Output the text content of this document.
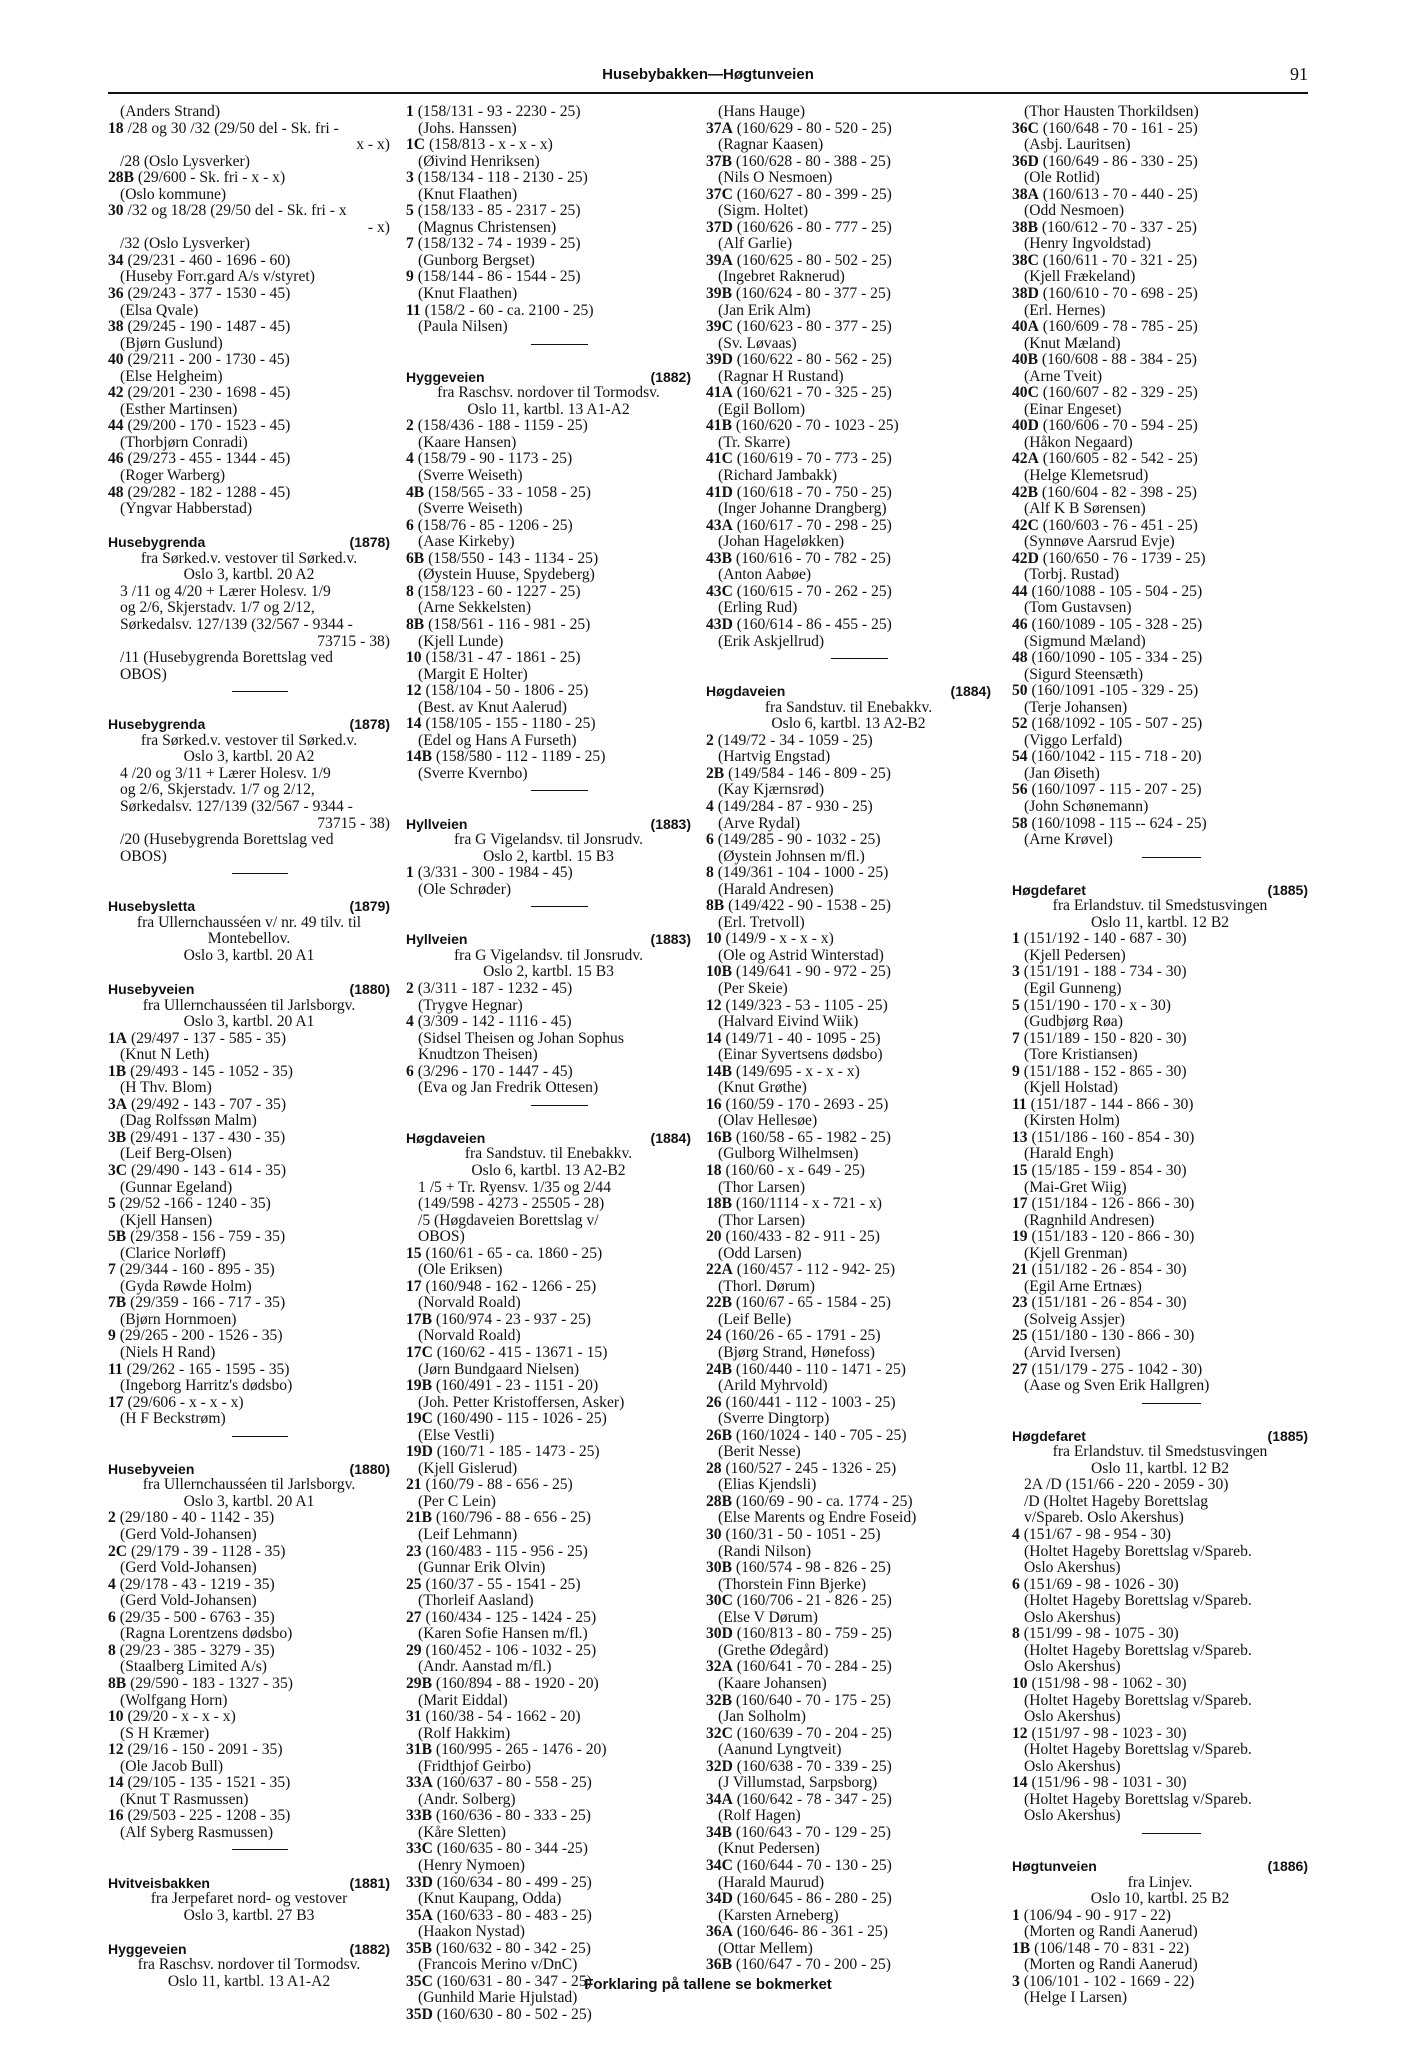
Husebybakken—Høgtunveien	91
(Anders Strand)
18 /28 og 30 /32 (29/50 del - Sk. fri -
x - x)
/28 (Oslo Lysverker)
28B (29/600 - Sk. fri - x - x)
(Oslo kommune)
30 /32 og 18/28 (29/50 del - Sk. fri - x
- x)
/32 (Oslo Lysverker)
34 (29/231 - 460 - 1696 - 60)
(Huseby Forr.gard A/s v/styret)
36 (29/243 - 377 - 1530 - 45)
(Elsa Qvale)
38 (29/245 - 190 - 1487 - 45)
(Bjørn Guslund)
40 (29/211 - 200 - 1730 - 45)
(Else Helgheim)
42 (29/201 - 230 - 1698 - 45)
(Esther Martinsen)
44 (29/200 - 170 - 1523 - 45)
(Thorbjørn Conradi)
46 (29/273 - 455 - 1344 - 45)
(Roger Warberg)
48 (29/282 - 182 - 1288 - 45)
(Yngvar Habberstad)
Husebygrenda	(1878)
fra Sørked.v. vestover til Sørked.v.
Oslo 3, kartbl. 20 A2
3 /11 og 4/20 + Lærer Holesv. 1/9
og 2/6, Skjerstadv. 1/7 og 2/12,
Sørkedalsv. 127/139 (32/567 - 9344 -
73715 - 38)
/11 (Husebygrenda Borettslag ved
OBOS)
Husebygrenda	(1878)
fra Sørked.v. vestover til Sørked.v.
Oslo 3, kartbl. 20 A2
4 /20 og 3/11 + Lærer Holesv. 1/9
og 2/6, Skjerstadv. 1/7 og 2/12,
Sørkedalsv. 127/139 (32/567 - 9344 -
73715 - 38)
/20 (Husebygrenda Borettslag ved
OBOS)
Husebysletta	(1879)
fra Ullernchausséen v/ nr. 49 tilv. til
Montebellov.
Oslo 3, kartbl. 20 A1
Husebyveien	(1880)
fra Ullernchausséen til Jarlsborgv.
Oslo 3, kartbl. 20 A1
1A (29/497 - 137 - 585 - 35)
(Knut N Leth)
1B (29/493 - 145 - 1052 - 35)
(H Thv. Blom)
3A (29/492 - 143 - 707 - 35)
(Dag Rolfssøn Malm)
3B (29/491 - 137 - 430 - 35)
(Leif Berg-Olsen)
3C (29/490 - 143 - 614 - 35)
(Gunnar Egeland)
5 (29/52 -166 - 1240 - 35)
(Kjell Hansen)
5B (29/358 - 156 - 759 - 35)
(Clarice Norløff)
7 (29/344 - 160 - 895 - 35)
(Gyda Røwde Holm)
7B (29/359 - 166 - 717 - 35)
(Bjørn Hornmoen)
9 (29/265 - 200 - 1526 - 35)
(Niels H Rand)
11 (29/262 - 165 - 1595 - 35)
(Ingeborg Harritz's dødsbo)
17 (29/606 - x - x - x)
(H F Beckstrøm)
Husebyveien	(1880)
fra Ullernchausséen til Jarlsborgv.
Oslo 3, kartbl. 20 A1
2 (29/180 - 40 - 1142 - 35)
(Gerd Vold-Johansen)
2C (29/179 - 39 - 1128 - 35)
(Gerd Vold-Johansen)
4 (29/178 - 43 - 1219 - 35)
(Gerd Vold-Johansen)
6 (29/35 - 500 - 6763 - 35)
(Ragna Lorentzens dødsbo)
8 (29/23 - 385 - 3279 - 35)
(Staalberg Limited A/s)
8B (29/590 - 183 - 1327 - 35)
(Wolfgang Horn)
10 (29/20 - x - x - x)
(S H Kræmer)
12 (29/16 - 150 - 2091 - 35)
(Ole Jacob Bull)
14 (29/105 - 135 - 1521 - 35)
(Knut T Rasmussen)
16 (29/503 - 225 - 1208 - 35)
(Alf Syberg Rasmussen)
Hvitveisbakken	(1881)
fra Jerpefaret nord- og vestover
Oslo 3, kartbl. 27 B3
Hyggeveien	(1882)
fra Raschsv. nordover til Tormodsv.
Oslo 11, kartbl. 13 A1-A2
1 (158/131 - 93 - 2230 - 25)
(Johs. Hanssen)
1C (158/813 - x - x - x)
(Øivind Henriksen)
3 (158/134 - 118 - 2130 - 25)
(Knut Flaathen)
5 (158/133 - 85 - 2317 - 25)
(Magnus Christensen)
7 (158/132 - 74 - 1939 - 25)
(Gunborg Bergset)
9 (158/144 - 86 - 1544 - 25)
(Knut Flaathen)
11 (158/2 - 60 - ca. 2100 - 25)
(Paula Nilsen)
Hyggeveien	(1882)
fra Raschsv. nordover til Tormodsv.
Oslo 11, kartbl. 13 A1-A2
2 (158/436 - 188 - 1159 - 25)
(Kaare Hansen)
4 (158/79 - 90 - 1173 - 25)
(Sverre Weiseth)
4B (158/565 - 33 - 1058 - 25)
(Sverre Weiseth)
6 (158/76 - 85 - 1206 - 25)
(Aase Kirkeby)
6B (158/550 - 143 - 1134 - 25)
(Øystein Huuse, Spydeberg)
8 (158/123 - 60 - 1227 - 25)
(Arne Sekkelsten)
8B (158/561 - 116 - 981 - 25)
(Kjell Lunde)
10 (158/31 - 47 - 1861 - 25)
(Margit E Holter)
12 (158/104 - 50 - 1806 - 25)
(Best. av Knut Aalerud)
14 (158/105 - 155 - 1180 - 25)
(Edel og Hans A Furseth)
14B (158/580 - 112 - 1189 - 25)
(Sverre Kvernbo)
Hyllveien	(1883)
fra G Vigelandsv. til Jonsrudv.
Oslo 2, kartbl. 15 B3
1 (3/331 - 300 - 1984 - 45)
(Ole Schrøder)
Hyllveien	(1883)
fra G Vigelandsv. til Jonsrudv.
Oslo 2, kartbl. 15 B3
2 (3/311 - 187 - 1232 - 45)
(Trygve Hegnar)
4 (3/309 - 142 - 1116 - 45)
(Sidsel Theisen og Johan Sophus
Knudtzon Theisen)
6 (3/296 - 170 - 1447 - 45)
(Eva og Jan Fredrik Ottesen)
Høgdaveien	(1884)
fra Sandstuv. til Enebakkv.
Oslo 6, kartbl. 13 A2-B2
1 /5 + Tr. Ryensv. 1/35 og 2/44
(149/598 - 4273 - 25505 - 28)
/5 (Høgdaveien Borettslag v/
OBOS)
15 (160/61 - 65 - ca. 1860 - 25)
(Ole Eriksen)
17 (160/948 - 162 - 1266 - 25)
(Norvald Roald)
17B (160/974 - 23 - 937 - 25)
(Norvald Roald)
17C (160/62 - 415 - 13671 - 15)
(Jørn Bundgaard Nielsen)
19B (160/491 - 23 - 1151 - 20)
(Joh. Petter Kristoffersen, Asker)
19C (160/490 - 115 - 1026 - 25)
(Else Vestli)
19D (160/71 - 185 - 1473 - 25)
(Kjell Gislerud)
21 (160/79 - 88 - 656 - 25)
(Per C Lein)
21B (160/796 - 88 - 656 - 25)
(Leif Lehmann)
23 (160/483 - 115 - 956 - 25)
(Gunnar Erik Olvin)
25 (160/37 - 55 - 1541 - 25)
(Thorleif Aasland)
27 (160/434 - 125 - 1424 - 25)
(Karen Sofie Hansen m/fl.)
29 (160/452 - 106 - 1032 - 25)
(Andr. Aanstad m/fl.)
29B (160/894 - 88 - 1920 - 20)
(Marit Eiddal)
31 (160/38 - 54 - 1662 - 20)
(Rolf Hakkim)
31B (160/995 - 265 - 1476 - 20)
(Fridthjof Geirbo)
33A (160/637 - 80 - 558 - 25)
(Andr. Solberg)
33B (160/636 - 80 - 333 - 25)
(Kåre Sletten)
33C (160/635 - 80 - 344 -25)
(Henry Nymoen)
33D (160/634 - 80 - 499 - 25)
(Knut Kaupang, Odda)
35A (160/633 - 80 - 483 - 25)
(Haakon Nystad)
35B (160/632 - 80 - 342 - 25)
(Francois Merino v/DnC)
35C (160/631 - 80 - 347 - 25)
(Gunhild Marie Hjulstad)
35D (160/630 - 80 - 502 - 25)
(Hans Hauge)
37A (160/629 - 80 - 520 - 25)
(Ragnar Kaasen)
37B (160/628 - 80 - 388 - 25)
(Nils O Nesmoen)
37C (160/627 - 80 - 399 - 25)
(Sigm. Holtet)
37D (160/626 - 80 - 777 - 25)
(Alf Garlie)
39A (160/625 - 80 - 502 - 25)
(Ingebret Raknerud)
39B (160/624 - 80 - 377 - 25)
(Jan Erik Alm)
39C (160/623 - 80 - 377 - 25)
(Sv. Løvaas)
39D (160/622 - 80 - 562 - 25)
(Ragnar H Rustand)
41A (160/621 - 70 - 325 - 25)
(Egil Bollom)
41B (160/620 - 70 - 1023 - 25)
(Tr. Skarre)
41C (160/619 - 70 - 773 - 25)
(Richard Jambakk)
41D (160/618 - 70 - 750 - 25)
(Inger Johanne Drangberg)
43A (160/617 - 70 - 298 - 25)
(Johan Hageløkken)
43B (160/616 - 70 - 782 - 25)
(Anton Aabøe)
43C (160/615 - 70 - 262 - 25)
(Erling Rud)
43D (160/614 - 86 - 455 - 25)
(Erik Askjellrud)
Høgdaveien	(1884)
fra Sandstuv. til Enebakkv.
Oslo 6, kartbl. 13 A2-B2
2 (149/72 - 34 - 1059 - 25)
(Hartvig Engstad)
2B (149/584 - 146 - 809 - 25)
(Kay Kjærnsrød)
4 (149/284 - 87 - 930 - 25)
(Arve Rydal)
6 (149/285 - 90 - 1032 - 25)
(Øystein Johnsen m/fl.)
8 (149/361 - 104 - 1000 - 25)
(Harald Andresen)
8B (149/422 - 90 - 1538 - 25)
(Erl. Tretvoll)
10 (149/9 - x - x - x)
(Ole og Astrid Winterstad)
10B (149/641 - 90 - 972 - 25)
(Per Skeie)
12 (149/323 - 53 - 1105 - 25)
(Halvard Eivind Wiik)
14 (149/71 - 40 - 1095 - 25)
(Einar Syvertsens dødsbo)
14B (149/695 - x - x - x)
(Knut Grøthe)
16 (160/59 - 170 - 2693 - 25)
(Olav Hellesøe)
16B (160/58 - 65 - 1982 - 25)
(Gulborg Wilhelmsen)
18 (160/60 - x - 649 - 25)
(Thor Larsen)
18B (160/1114 - x - 721 - x)
(Thor Larsen)
20 (160/433 - 82 - 911 - 25)
(Odd Larsen)
22A (160/457 - 112 - 942- 25)
(Thorl. Dørum)
22B (160/67 - 65 - 1584 - 25)
(Leif Belle)
24 (160/26 - 65 - 1791 - 25)
(Bjørg Strand, Hønefoss)
24B (160/440 - 110 - 1471 - 25)
(Arild Myhrvold)
26 (160/441 - 112 - 1003 - 25)
(Sverre Dingtorp)
26B (160/1024 - 140 - 705 - 25)
(Berit Nesse)
28 (160/527 - 245 - 1326 - 25)
(Elias Kjendsli)
28B (160/69 - 90 - ca. 1774 - 25)
(Else Marents og Endre Foseid)
30 (160/31 - 50 - 1051 - 25)
(Randi Nilson)
30B (160/574 - 98 - 826 - 25)
(Thorstein Finn Bjerke)
30C (160/706 - 21 - 826 - 25)
(Else V Dørum)
30D (160/813 - 80 - 759 - 25)
(Grethe Ødegård)
32A (160/641 - 70 - 284 - 25)
(Kaare Johansen)
32B (160/640 - 70 - 175 - 25)
(Jan Solholm)
32C (160/639 - 70 - 204 - 25)
(Aanund Lyngtveit)
32D (160/638 - 70 - 339 - 25)
(J Villumstad, Sarpsborg)
34A (160/642 - 78 - 347 - 25)
(Rolf Hagen)
34B (160/643 - 70 - 129 - 25)
(Knut Pedersen)
34C (160/644 - 70 - 130 - 25)
(Harald Maurud)
34D (160/645 - 86 - 280 - 25)
(Karsten Arneberg)
36A (160/646- 86 - 361 - 25)
(Ottar Mellem)
36B (160/647 - 70 - 200 - 25)
(Thor Hausten Thorkildsen)
36C (160/648 - 70 - 161 - 25)
(Asbj. Lauritsen)
36D (160/649 - 86 - 330 - 25)
(Ole Rotlid)
38A (160/613 - 70 - 440 - 25)
(Odd Nesmoen)
38B (160/612 - 70 - 337 - 25)
(Henry Ingvoldstad)
38C (160/611 - 70 - 321 - 25)
(Kjell Frækeland)
38D (160/610 - 70 - 698 - 25)
(Erl. Hernes)
40A (160/609 - 78 - 785 - 25)
(Knut Mæland)
40B (160/608 - 88 - 384 - 25)
(Arne Tveit)
40C (160/607 - 82 - 329 - 25)
(Einar Engeset)
40D (160/606 - 70 - 594 - 25)
(Håkon Negaard)
42A (160/605 - 82 - 542 - 25)
(Helge Klemetsrud)
42B (160/604 - 82 - 398 - 25)
(Alf K B Sørensen)
42C (160/603 - 76 - 451 - 25)
(Synnøve Aarsrud Evje)
42D (160/650 - 76 - 1739 - 25)
(Torbj. Rustad)
44 (160/1088 - 105 - 504 - 25)
(Tom Gustavsen)
46 (160/1089 - 105 - 328 - 25)
(Sigmund Mæland)
48 (160/1090 - 105 - 334 - 25)
(Sigurd Steensæth)
50 (160/1091 -105 - 329 - 25)
(Terje Johansen)
52 (168/1092 - 105 - 507 - 25)
(Viggo Lerfald)
54 (160/1042 - 115 - 718 - 20)
(Jan Øiseth)
56 (160/1097 - 115 - 207 - 25)
(John Schønemann)
58 (160/1098 - 115 -- 624 - 25)
(Arne Krøvel)
Høgdefaret	(1885)
fra Erlandstuv. til Smedstusvingen
Oslo 11, kartbl. 12 B2
1 (151/192 - 140 - 687 - 30)
(Kjell Pedersen)
3 (151/191 - 188 - 734 - 30)
(Egil Gunneng)
5 (151/190 - 170 - x - 30)
(Gudbjørg Røa)
7 (151/189 - 150 - 820 - 30)
(Tore Kristiansen)
9 (151/188 - 152 - 865 - 30)
(Kjell Holstad)
11 (151/187 - 144 - 866 - 30)
(Kirsten Holm)
13 (151/186 - 160 - 854 - 30)
(Harald Engh)
15 (15/185 - 159 - 854 - 30)
(Mai-Gret Wiig)
17 (151/184 - 126 - 866 - 30)
(Ragnhild Andresen)
19 (151/183 - 120 - 866 - 30)
(Kjell Grenman)
21 (151/182 - 26 - 854 - 30)
(Egil Arne Ertnæs)
23 (151/181 - 26 - 854 - 30)
(Solveig Assjer)
25 (151/180 - 130 - 866 - 30)
(Arvid Iversen)
27 (151/179 - 275 - 1042 - 30)
(Aase og Sven Erik Hallgren)
Høgdefaret	(1885)
fra Erlandstuv. til Smedstusvingen
Oslo 11, kartbl. 12 B2
2A /D (151/66 - 220 - 2059 - 30)
/D (Holtet Hageby Borettslag
v/Spareb. Oslo Akershus)
4 (151/67 - 98 - 954 - 30)
(Holtet Hageby Borettslag v/Spareb.
Oslo Akershus)
6 (151/69 - 98 - 1026 - 30)
(Holtet Hageby Borettslag v/Spareb.
Oslo Akershus)
8 (151/99 - 98 - 1075 - 30)
(Holtet Hageby Borettslag v/Spareb.
Oslo Akershus)
10 (151/98 - 98 - 1062 - 30)
(Holtet Hageby Borettslag v/Spareb.
Oslo Akershus)
12 (151/97 - 98 - 1023 - 30)
(Holtet Hageby Borettslag v/Spareb.
Oslo Akershus)
14 (151/96 - 98 - 1031 - 30)
(Holtet Hageby Borettslag v/Spareb.
Oslo Akershus)
Høgtunveien	(1886)
fra Linjev.
Oslo 10, kartbl. 25 B2
1 (106/94 - 90 - 917 - 22)
(Morten og Randi Aanerud)
1B (106/148 - 70 - 831 - 22)
(Morten og Randi Aanerud)
3 (106/101 - 102 - 1669 - 22)
(Helge I Larsen)
Forklaring på tallene se bokmerket
